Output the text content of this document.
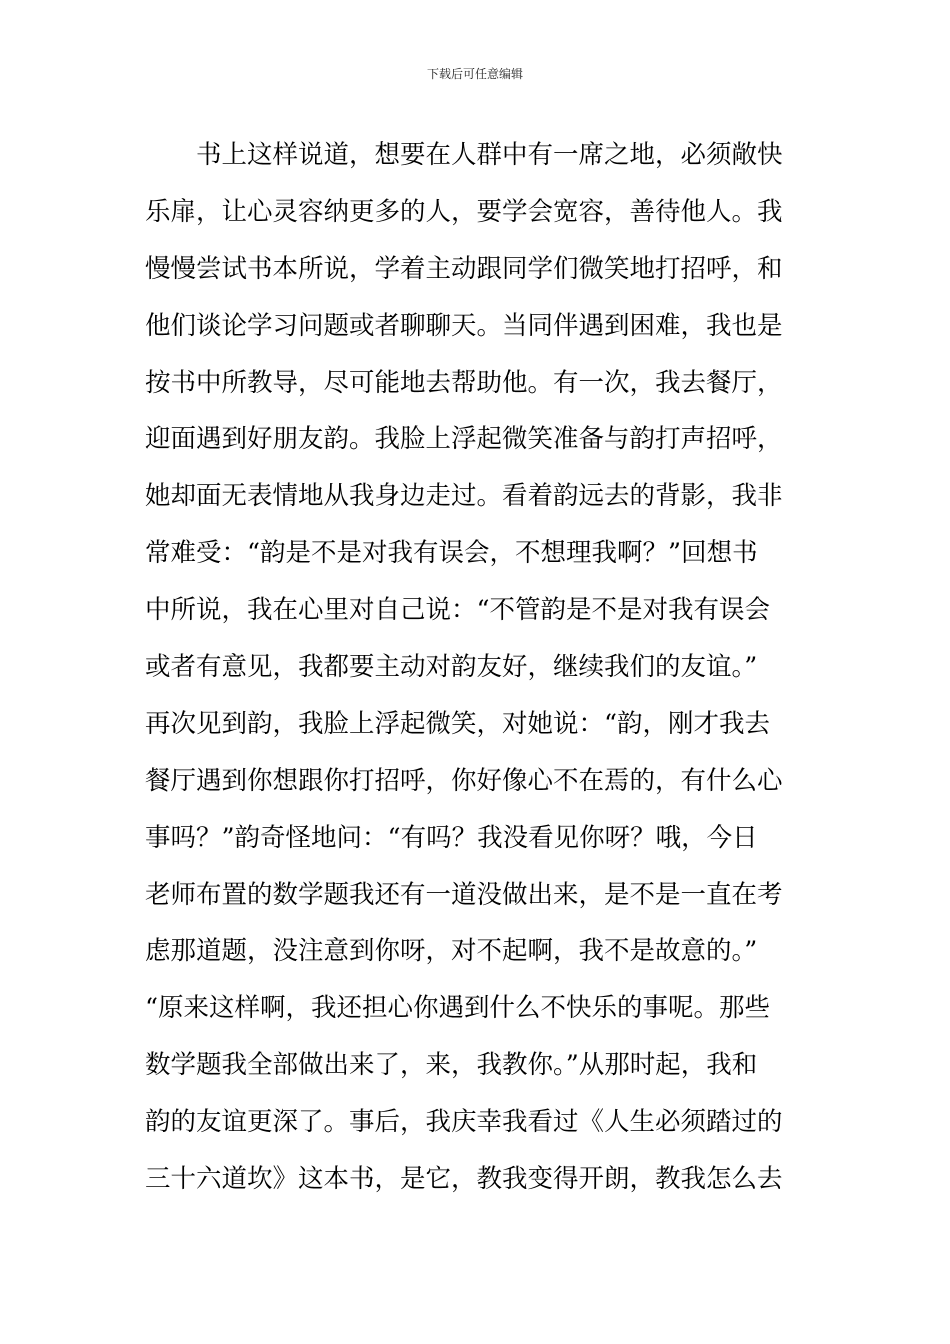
下载后可任意编辑
　　书上这样说道，想要在人群中有一席之地，必须敞快
乐扉，让心灵容纳更多的人，要学会宽容，善待他人。我
慢慢尝试书本所说，学着主动跟同学们微笑地打招呼，和
他们谈论学习问题或者聊聊天。当同伴遇到困难，我也是
按书中所教导，尽可能地去帮助他。有一次，我去餐厅，
迎面遇到好朋友韵。我脸上浮起微笑准备与韵打声招呼，
她却面无表情地从我身边走过。看着韵远去的背影，我非
常难受：“韵是不是对我有误会，不想理我啊？”回想书
中所说，我在心里对自己说：“不管韵是不是对我有误会
或者有意见，我都要主动对韵友好，继续我们的友谊。”
再次见到韵，我脸上浮起微笑，对她说：“韵，刚才我去
餐厅遇到你想跟你打招呼，你好像心不在焉的，有什么心
事吗？”韵奇怪地问：“有吗？我没看见你呀？哦，今日
老师布置的数学题我还有一道没做出来，是不是一直在考
虑那道题，没注意到你呀，对不起啊，我不是故意的。”
“原来这样啊，我还担心你遇到什么不快乐的事呢。那些
数学题我全部做出来了，来，我教你。”从那时起，我和
韵的友谊更深了。事后，我庆幸我看过《人生必须踏过的
三十六道坎》这本书，是它，教我变得开朗，教我怎么去
